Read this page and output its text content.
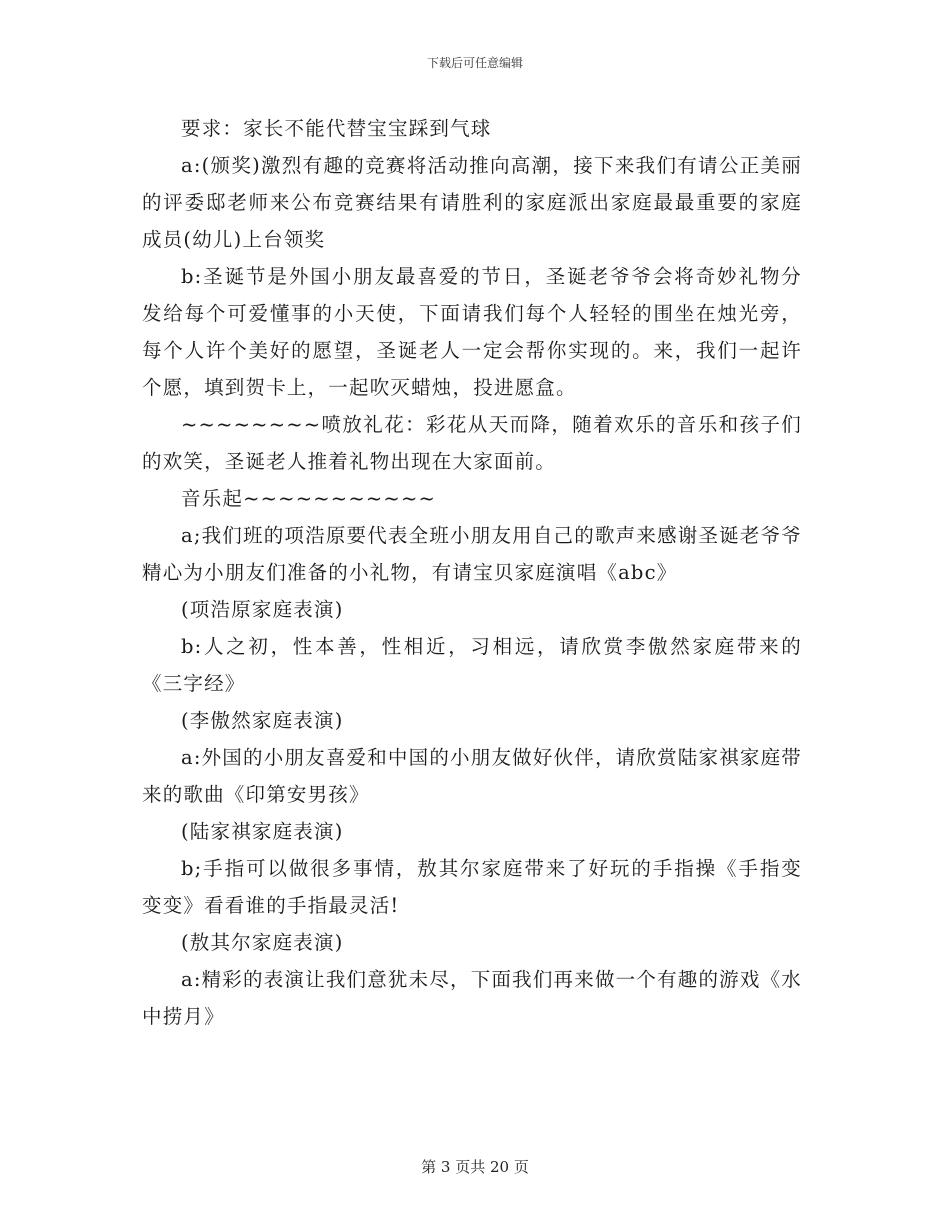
下载后可任意编辑

要求：家长不能代替宝宝踩到气球

a:(颁奖)激烈有趣的竞赛将活动推向高潮，接下来我们有请公正美丽的评委邸老师来公布竞赛结果有请胜利的家庭派出家庭最最重要的家庭成员(幼儿)上台领奖

b:圣诞节是外国小朋友最喜爱的节日，圣诞老爷爷会将奇妙礼物分发给每个可爱懂事的小天使，下面请我们每个人轻轻的围坐在烛光旁，每个人许个美好的愿望，圣诞老人一定会帮你实现的。来，我们一起许个愿，填到贺卡上，一起吹灭蜡烛，投进愿盒。

~~~~~~~~喷放礼花：彩花从天而降，随着欢乐的音乐和孩子们的欢笑，圣诞老人推着礼物出现在大家面前。

音乐起~~~~~~~~~~~

a;我们班的项浩原要代表全班小朋友用自己的歌声来感谢圣诞老爷爷精心为小朋友们准备的小礼物，有请宝贝家庭演唱《abc》

(项浩原家庭表演)

b:人之初，性本善，性相近，习相远，请欣赏李傲然家庭带来的《三字经》

(李傲然家庭表演)

a:外国的小朋友喜爱和中国的小朋友做好伙伴，请欣赏陆家祺家庭带来的歌曲《印第安男孩》

(陆家祺家庭表演)

b;手指可以做很多事情，敖其尔家庭带来了好玩的手指操《手指变变变》看看谁的手指最灵活!

(敖其尔家庭表演)

a:精彩的表演让我们意犹未尽，下面我们再来做一个有趣的游戏《水中捞月》

第 3 页共 20 页
